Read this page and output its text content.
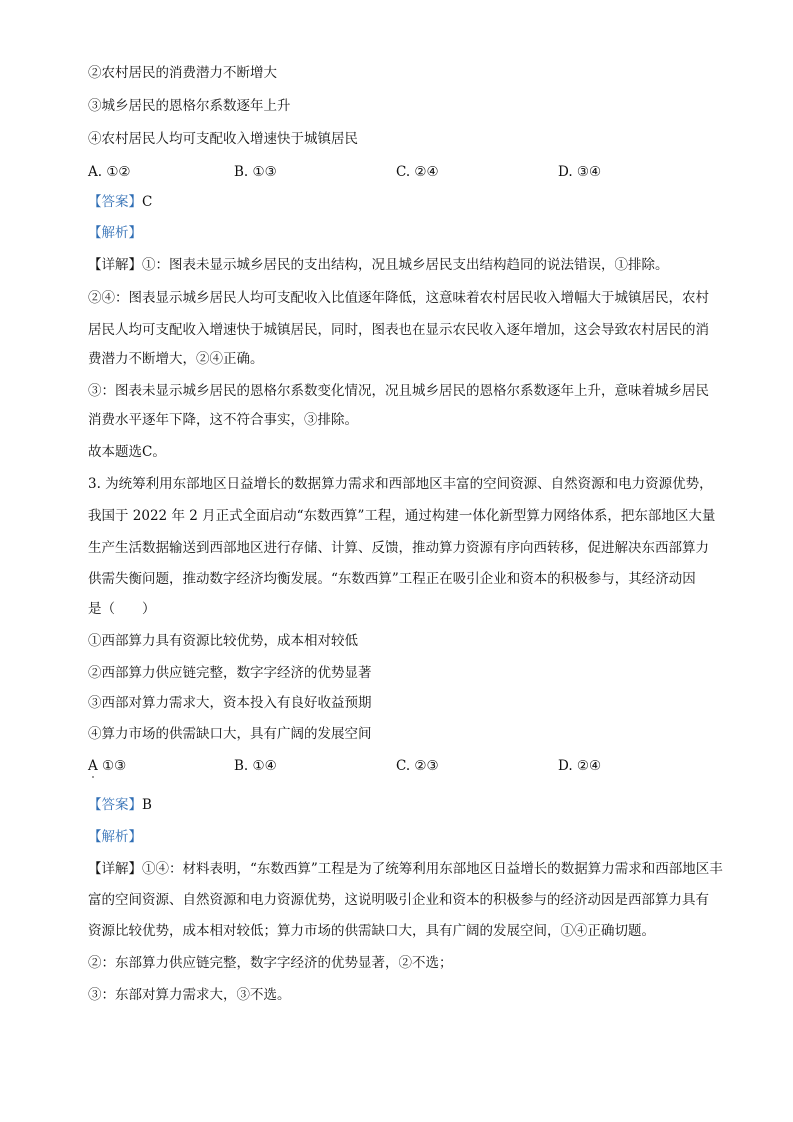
②农村居民的消费潜力不断增大
③城乡居民的恩格尔系数逐年上升
④农村居民人均可支配收入增速快于城镇居民
A. ①②	B. ①③	C. ②④	D. ③④
【答案】C
【解析】
【详解】①：图表未显示城乡居民的支出结构，况且城乡居民支出结构趋同的说法错误，①排除。
②④：图表显示城乡居民人均可支配收入比值逐年降低，这意味着农村居民收入增幅大于城镇居民，农村
居民人均可支配收入增速快于城镇居民，同时，图表也在显示农民收入逐年增加，这会导致农村居民的消
费潜力不断增大，②④正确。
③：图表未显示城乡居民的恩格尔系数变化情况，况且城乡居民的恩格尔系数逐年上升，意味着城乡居民
消费水平逐年下降，这不符合事实，③排除。
故本题选C。
3. 为统筹利用东部地区日益增长的数据算力需求和西部地区丰富的空间资源、自然资源和电力资源优势，
我国于 2022 年 2 月正式全面启动“东数西算”工程，通过构建一体化新型算力网络体系，把东部地区大量
生产生活数据输送到西部地区进行存储、计算、反馈，推动算力资源有序向西转移，促进解决东西部算力
供需失衡问题，推动数字经济均衡发展。“东数西算”工程正在吸引企业和资本的积极参与，其经济动因
是（　　）
①西部算力具有资源比较优势，成本相对较低
②西部算力供应链完整，数字字经济的优势显著
③西部对算力需求大，资本投入有良好收益预期
④算力市场的供需缺口大，具有广阔的发展空间
A ①③	B. ①④	C. ②③	D. ②④
【答案】B
【解析】
【详解】①④：材料表明，“东数西算”工程是为了统筹利用东部地区日益增长的数据算力需求和西部地区丰
富的空间资源、自然资源和电力资源优势，这说明吸引企业和资本的积极参与的经济动因是西部算力具有
资源比较优势，成本相对较低；算力市场的供需缺口大，具有广阔的发展空间，①④正确切题。
②：东部算力供应链完整，数字字经济的优势显著，②不选；
③：东部对算力需求大，③不选。
